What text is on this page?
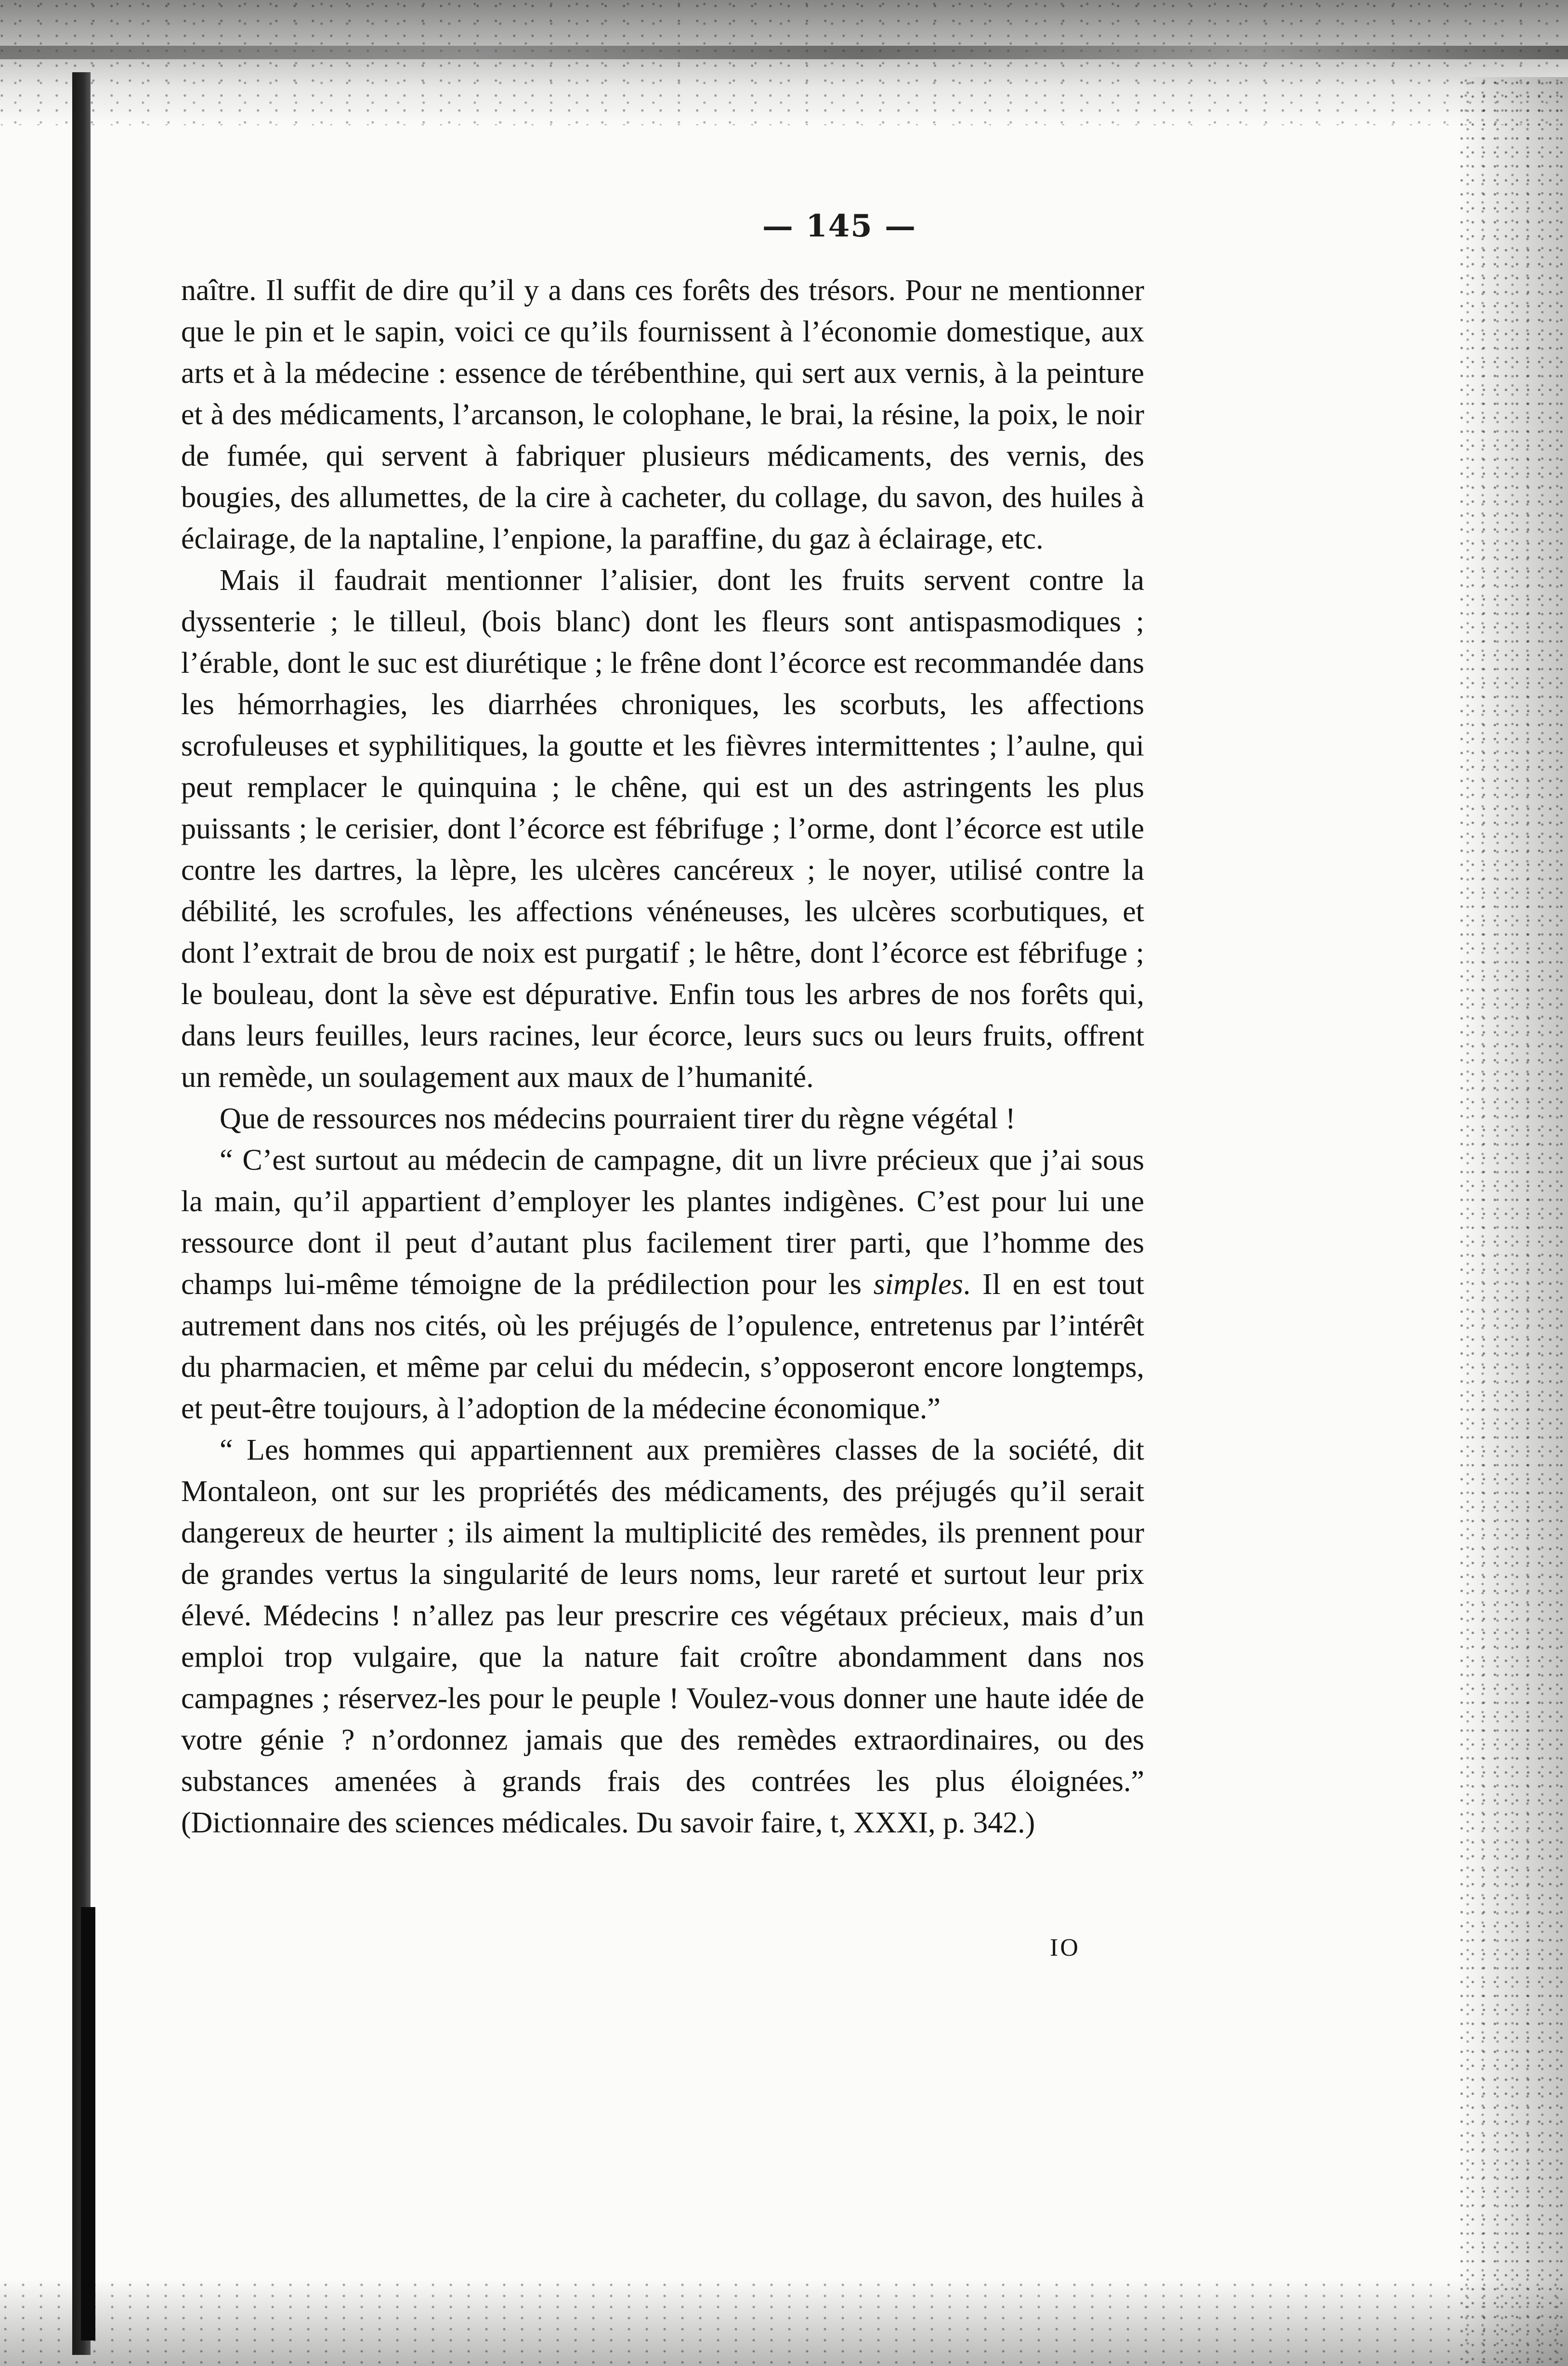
— 145 —

naître. Il suffit de dire qu’il y a dans ces forêts des trésors. Pour ne mentionner que le pin et le sapin, voici ce qu’ils fournissent à l’économie domestique, aux arts et à la médecine : essence de térébenthine, qui sert aux vernis, à la peinture et à des médicaments, l’arcanson, le colophane, le brai, la résine, la poix, le noir de fumée, qui servent à fabriquer plusieurs médicaments, des vernis, des bougies, des allumettes, de la cire à cacheter, du collage, du savon, des huiles à éclairage, de la naptaline, l’enpione, la paraffine, du gaz à éclairage, etc.

Mais il faudrait mentionner l’alisier, dont les fruits servent contre la dyssenterie ; le tilleul, (bois blanc) dont les fleurs sont antispasmodiques ; l’érable, dont le suc est diurétique ; le frêne dont l’écorce est recommandée dans les hémorrhagies, les diarrhées chroniques, les scorbuts, les affections scrofuleuses et syphilitiques, la goutte et les fièvres intermittentes ; l’aulne, qui peut remplacer le quinquina ; le chêne, qui est un des astringents les plus puissants ; le cerisier, dont l’écorce est fébrifuge ; l’orme, dont l’écorce est utile contre les dartres, la lèpre, les ulcères cancéreux ; le noyer, utilisé contre la débilité, les scrofules, les affections vénéneuses, les ulcères scorbutiques, et dont l’extrait de brou de noix est purgatif ; le hêtre, dont l’écorce est fébrifuge ; le bouleau, dont la sève est dépurative. Enfin tous les arbres de nos forêts qui, dans leurs feuilles, leurs racines, leur écorce, leurs sucs ou leurs fruits, offrent un remède, un soulagement aux maux de l’humanité.

Que de ressources nos médecins pourraient tirer du règne végétal !

“ C’est surtout au médecin de campagne, dit un livre précieux que j’ai sous la main, qu’il appartient d’employer les plantes indigènes. C’est pour lui une ressource dont il peut d’autant plus facilement tirer parti, que l’homme des champs lui-même témoigne de la prédilection pour les simples. Il en est tout autrement dans nos cités, où les préjugés de l’opulence, entretenus par l’intérêt du pharmacien, et même par celui du médecin, s’opposeront encore longtemps, et peut-être toujours, à l’adoption de la médecine économique.”

“ Les hommes qui appartiennent aux premières classes de la société, dit Montaleon, ont sur les propriétés des médicaments, des préjugés qu’il serait dangereux de heurter ; ils aiment la multiplicité des remèdes, ils prennent pour de grandes vertus la singularité de leurs noms, leur rareté et surtout leur prix élevé. Médecins ! n’allez pas leur prescrire ces végétaux précieux, mais d’un emploi trop vulgaire, que la nature fait croître abondamment dans nos campagnes ; réservez-les pour le peuple ! Voulez-vous donner une haute idée de votre génie ? n’ordonnez jamais que des remèdes extraordinaires, ou des substances amenées à grands frais des contrées les plus éloignées.” (Dictionnaire des sciences médicales. Du savoir faire, t, XXXI, p. 342.)

IO
